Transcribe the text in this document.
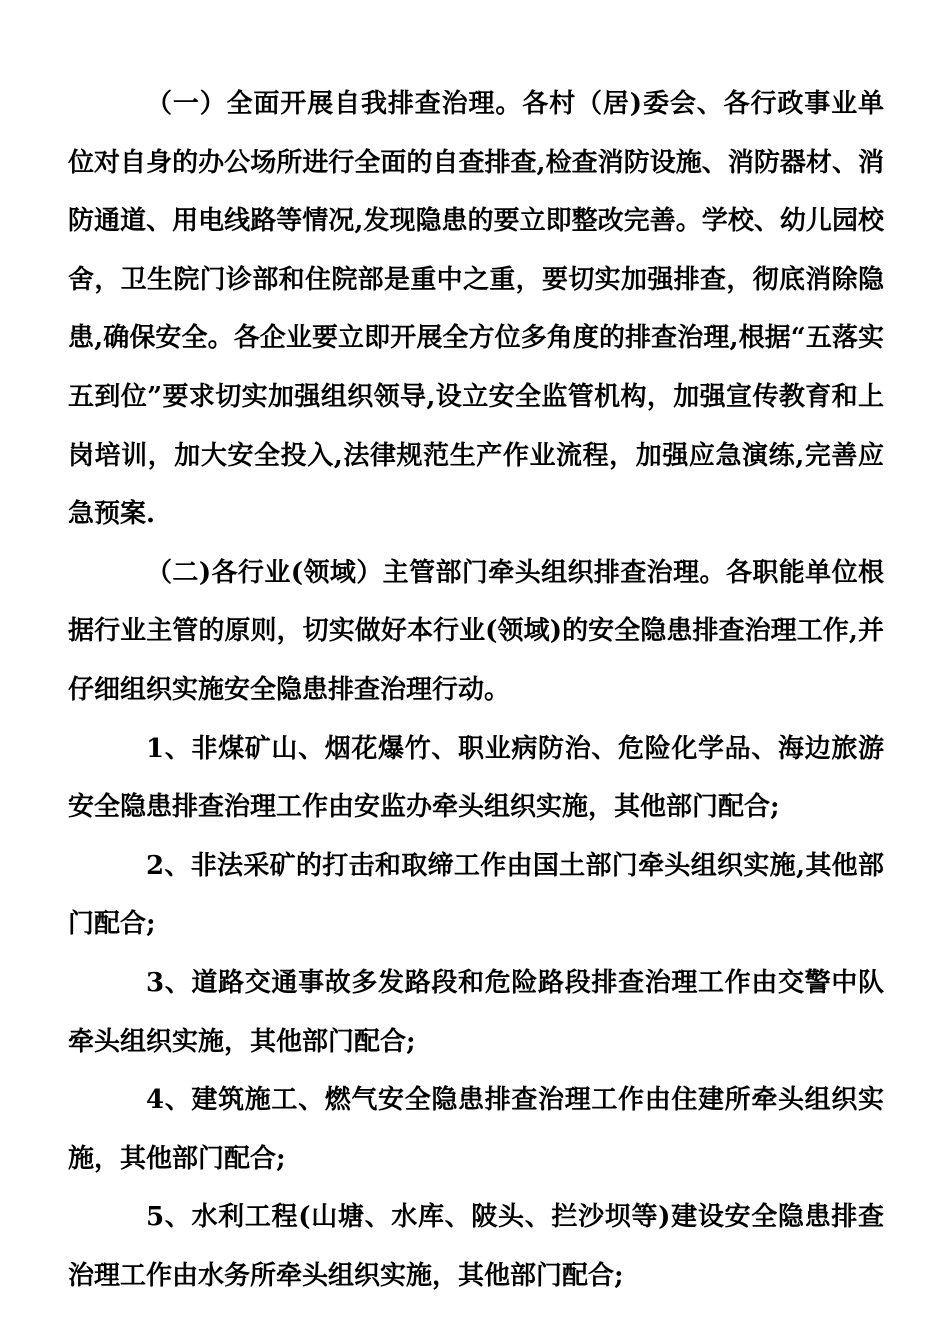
（一）全面开展自我排查治理。各村（居)委会、各行政事业单位对自身的办公场所进行全面的自查排查,检查消防设施、消防器材、消防通道、用电线路等情况,发现隐患的要立即整改完善。学校、幼儿园校舍，卫生院门诊部和住院部是重中之重，要切实加强排查，彻底消除隐患,确保安全。各企业要立即开展全方位多角度的排查治理,根据“五落实五到位”要求切实加强组织领导,设立安全监管机构，加强宣传教育和上岗培训，加大安全投入,法律规范生产作业流程，加强应急演练,完善应急预案.

（二)各行业(领域）主管部门牵头组织排查治理。各职能单位根据行业主管的原则，切实做好本行业(领域)的安全隐患排查治理工作,并仔细组织实施安全隐患排查治理行动。

1、非煤矿山、烟花爆竹、职业病防治、危险化学品、海边旅游安全隐患排查治理工作由安监办牵头组织实施，其他部门配合;

2、非法采矿的打击和取缔工作由国土部门牵头组织实施,其他部门配合;

3、道路交通事故多发路段和危险路段排查治理工作由交警中队牵头组织实施，其他部门配合;

4、建筑施工、燃气安全隐患排查治理工作由住建所牵头组织实施，其他部门配合;

5、水利工程(山塘、水库、陂头、拦沙坝等)建设安全隐患排查治理工作由水务所牵头组织实施，其他部门配合;
